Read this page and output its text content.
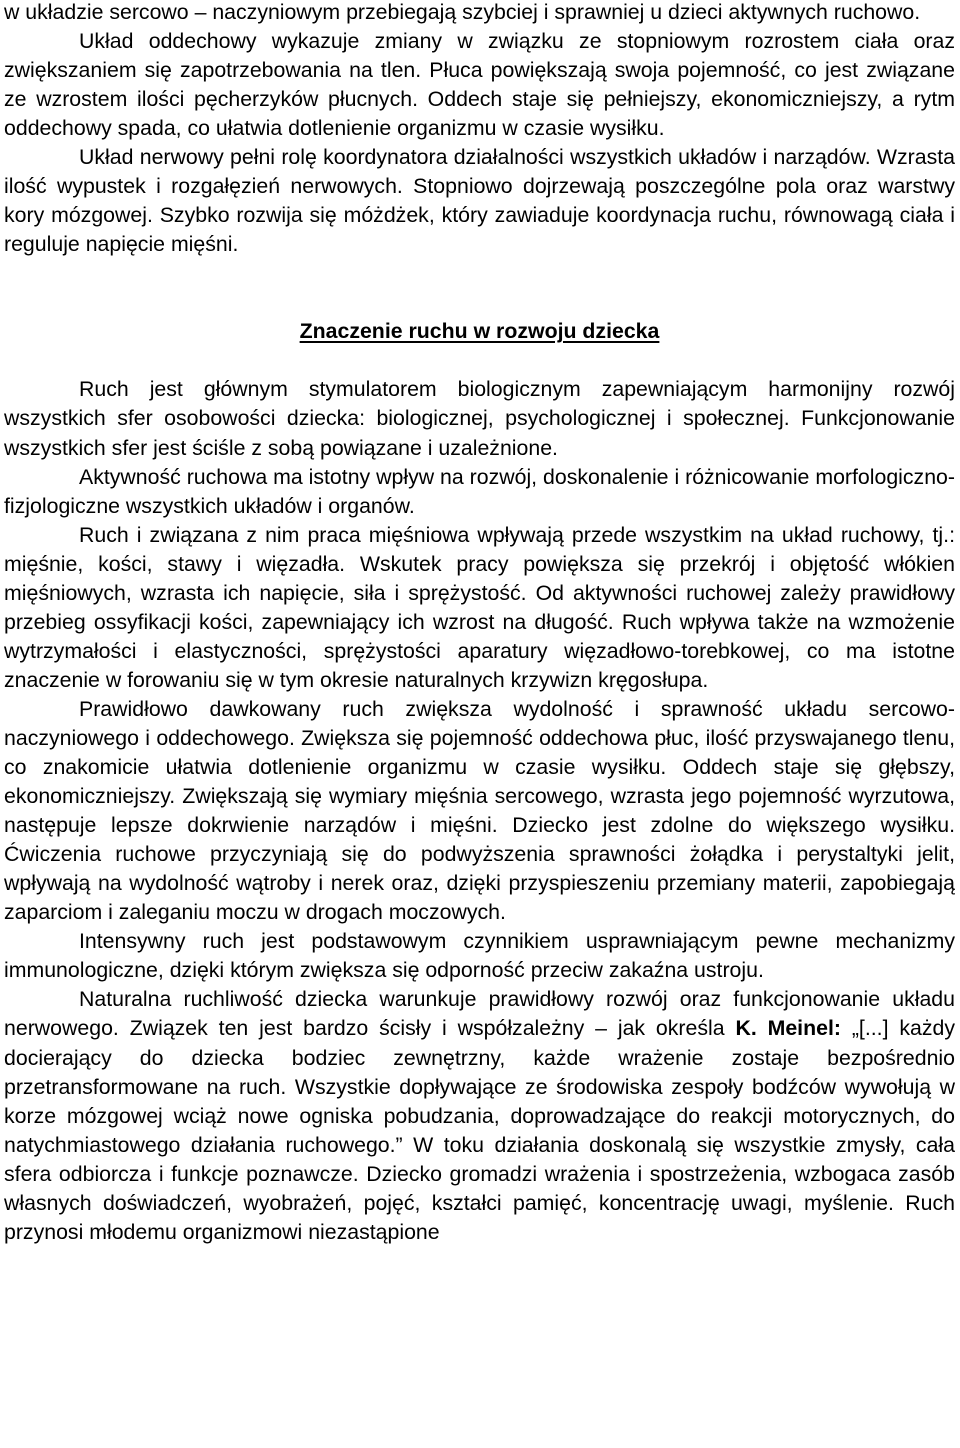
w układzie sercowo – naczyniowym przebiegają szybciej i sprawniej u dzieci aktywnych ruchowo.

Układ oddechowy wykazuje zmiany w związku ze stopniowym rozrostem ciała oraz zwiększaniem się zapotrzebowania na tlen. Płuca powiększają swoja pojemność, co jest związane ze wzrostem ilości pęcherzyków płucnych. Oddech staje się pełniejszy, ekonomiczniejszy, a rytm oddechowy spada, co ułatwia dotlenienie organizmu w czasie wysiłku.

Układ nerwowy pełni rolę koordynatora działalności wszystkich układów i narządów. Wzrasta ilość wypustek i rozgałęzień nerwowych. Stopniowo dojrzewają poszczególne pola oraz warstwy kory mózgowej. Szybko rozwija się móżdżek, który zawiaduje koordynacja ruchu, równowagą ciała i reguluje napięcie mięśni.

Znaczenie ruchu w rozwoju dziecka

Ruch jest głównym stymulatorem biologicznym zapewniającym harmonijny rozwój wszystkich sfer osobowości dziecka: biologicznej, psychologicznej i społecznej. Funkcjonowanie wszystkich sfer jest ściśle z sobą powiązane i uzależnione.

Aktywność ruchowa ma istotny wpływ na rozwój, doskonalenie i różnicowanie morfologiczno-fizjologiczne wszystkich układów i organów.

Ruch i związana z nim praca mięśniowa wpływają przede wszystkim na układ ruchowy, tj.: mięśnie, kości, stawy i więzadła. Wskutek pracy powiększa się przekrój i objętość włókien mięśniowych, wzrasta ich napięcie, siła i sprężystość. Od aktywności ruchowej zależy prawidłowy przebieg ossyfikacji kości, zapewniający ich wzrost na długość. Ruch wpływa także na wzmożenie wytrzymałości i elastyczności, sprężystości aparatury więzadłowo-torebkowej, co ma istotne znaczenie w forowaniu się w tym okresie naturalnych krzywizn kręgosłupa.

Prawidłowo dawkowany ruch zwiększa wydolność i sprawność układu sercowo-naczyniowego i oddechowego. Zwiększa się pojemność oddechowa płuc, ilość przyswajanego tlenu, co znakomicie ułatwia dotlenienie organizmu w czasie wysiłku. Oddech staje się głębszy, ekonomiczniejszy. Zwiększają się wymiary mięśnia sercowego, wzrasta jego pojemność wyrzutowa, następuje lepsze dokrwienie narządów i mięśni. Dziecko jest zdolne do większego wysiłku. Ćwiczenia ruchowe przyczyniają się do podwyższenia sprawności żołądka i perystaltyki jelit, wpływają na wydolność wątroby i nerek oraz, dzięki przyspieszeniu przemiany materii, zapobiegają zaparciom i zaleganiu moczu w drogach moczowych.

Intensywny ruch jest podstawowym czynnikiem usprawniającym pewne mechanizmy immunologiczne, dzięki którym zwiększa się odporność przeciw zakaźna ustroju.

Naturalna ruchliwość dziecka warunkuje prawidłowy rozwój oraz funkcjonowanie układu nerwowego. Związek ten jest bardzo ścisły i współzależny – jak określa K. Meinel: „[...] każdy docierający do dziecka bodziec zewnętrzny, każde wrażenie zostaje bezpośrednio przetransformowane na ruch. Wszystkie dopływające ze środowiska zespoły bodźców wywołują w korze mózgowej wciąż nowe ogniska pobudzania, doprowadzające do reakcji motorycznych, do natychmiastowego działania ruchowego.” W toku działania doskonalą się wszystkie zmysły, cała sfera odbiorcza i funkcje poznawcze. Dziecko gromadzi wrażenia i spostrzeżenia, wzbogaca zasób własnych doświadczeń, wyobrażeń, pojęć, kształci pamięć, koncentrację uwagi, myślenie. Ruch przynosi młodemu organizmowi niezastąpione
